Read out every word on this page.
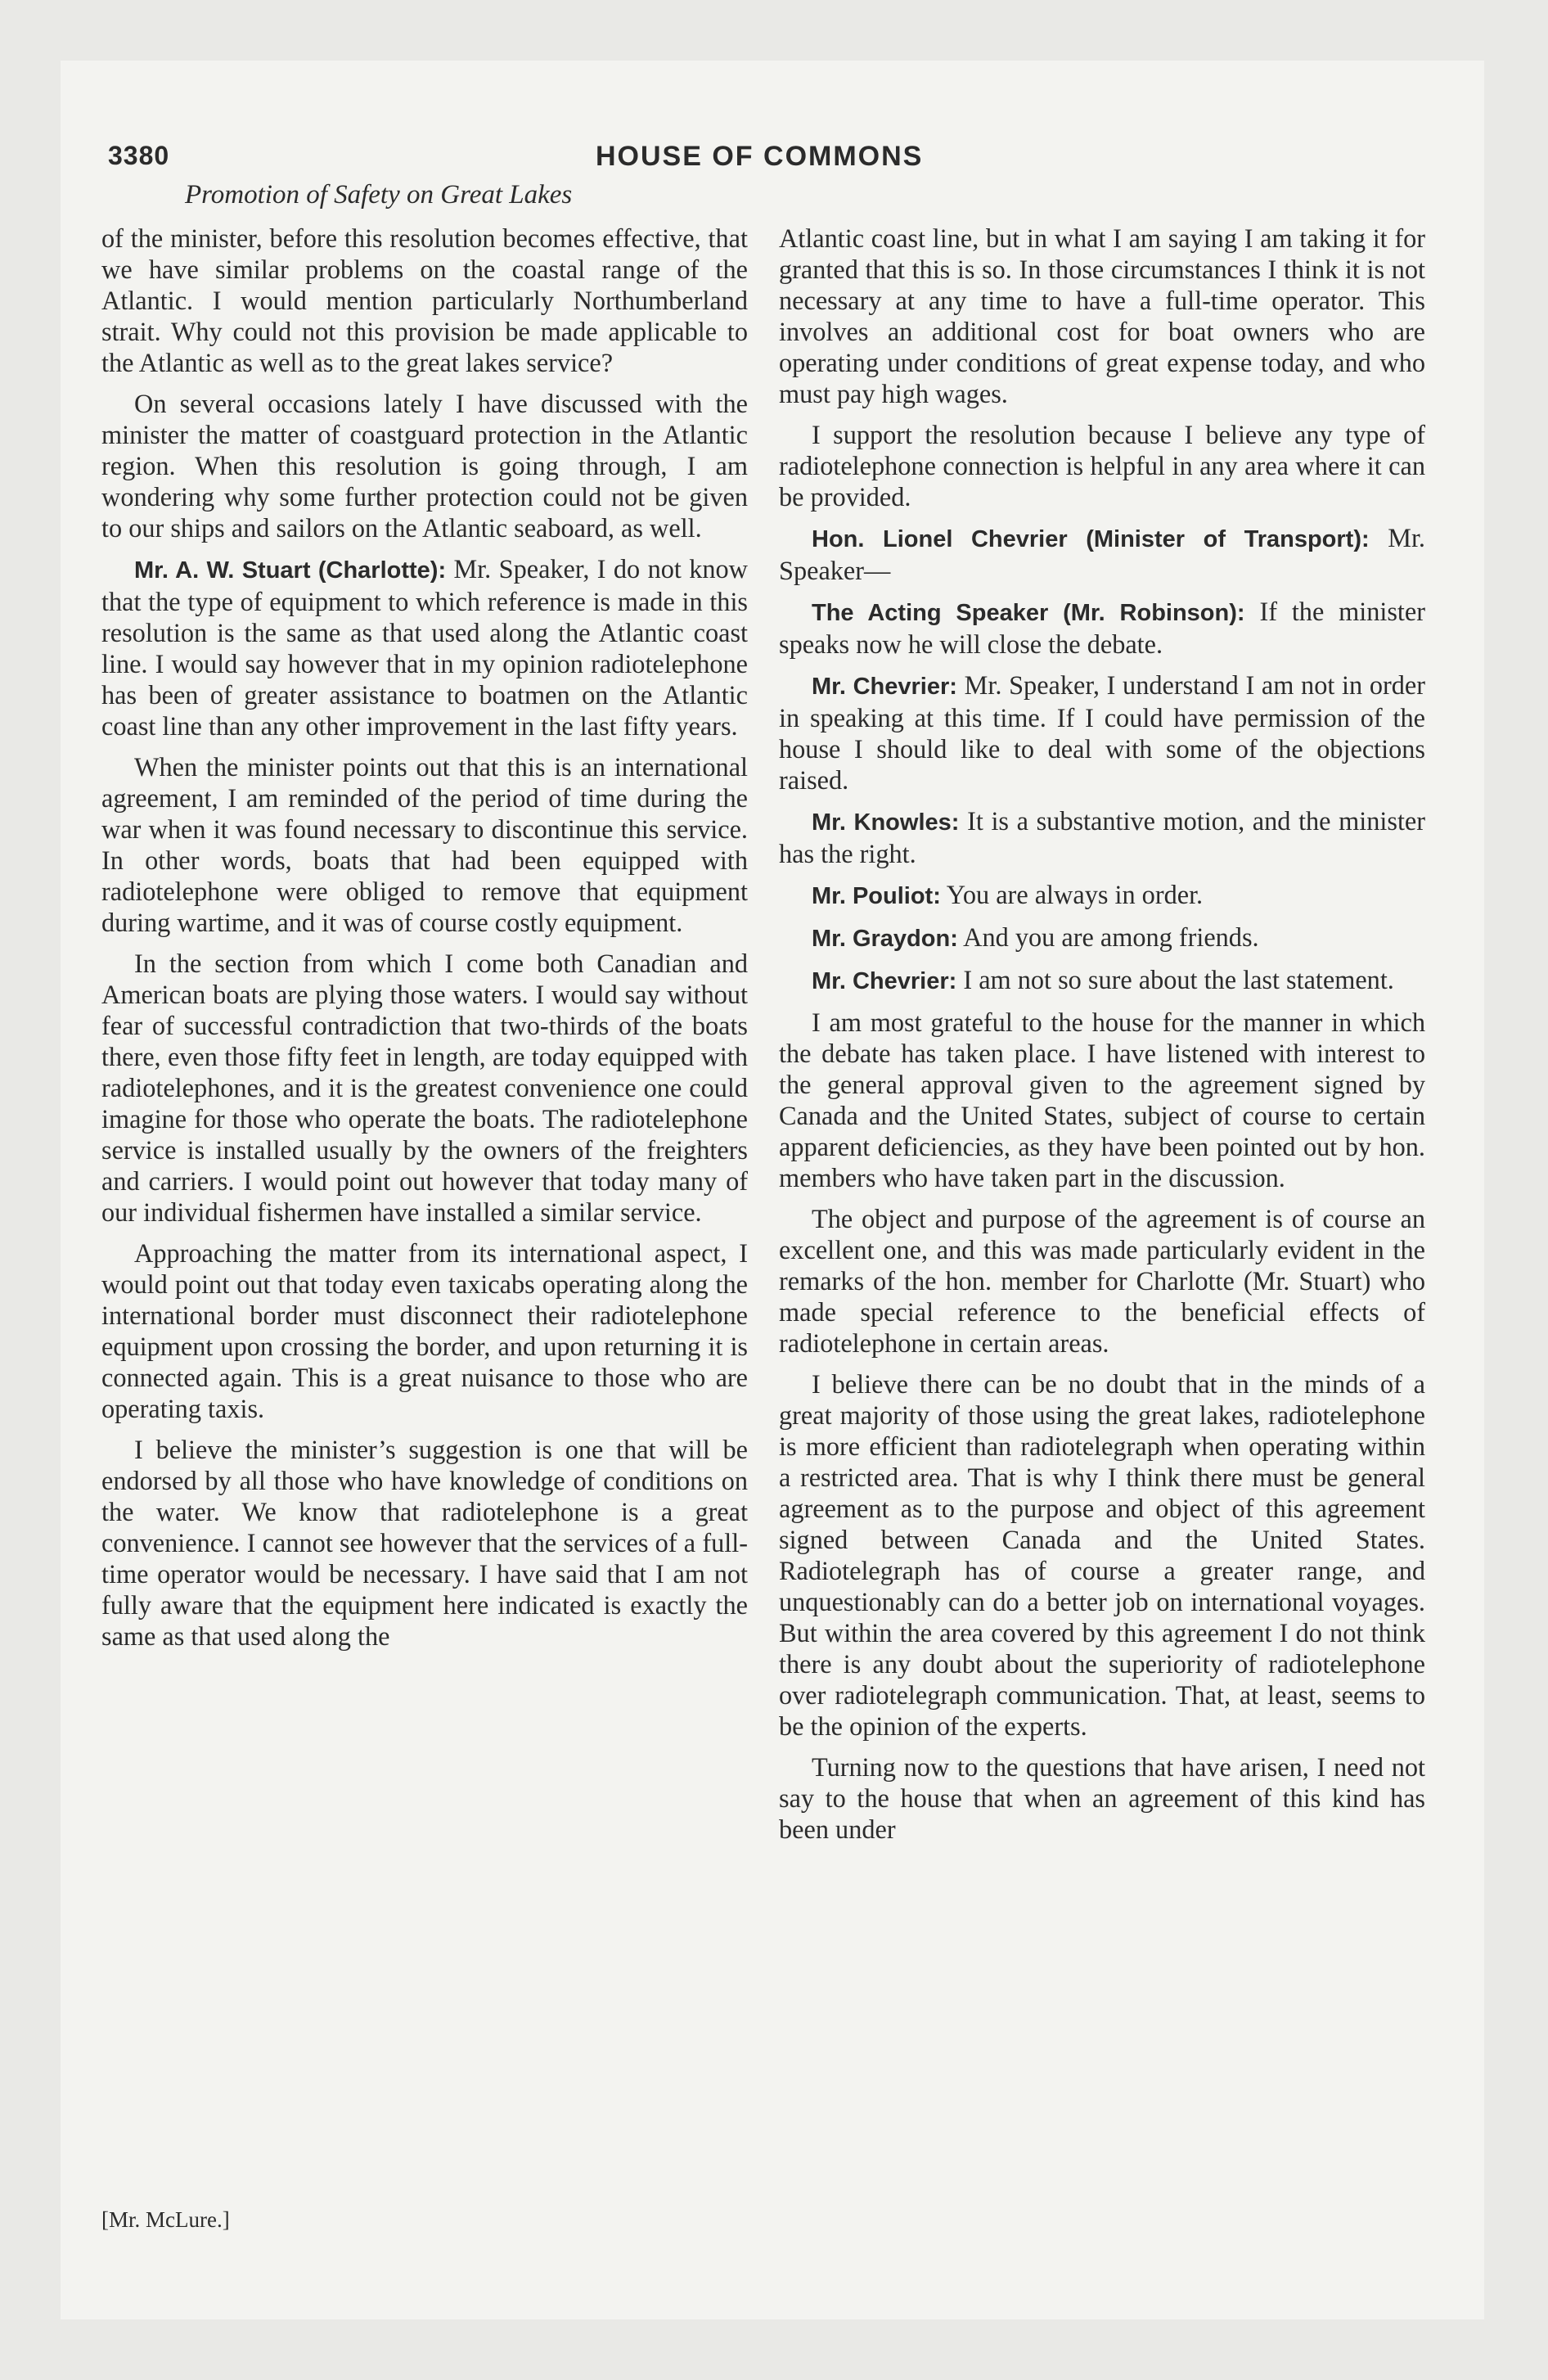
3380	HOUSE OF COMMONS
Promotion of Safety on Great Lakes

of the minister, before this resolution becomes effective, that we have similar problems on the coastal range of the Atlantic. I would mention particularly Northumberland strait. Why could not this provision be made applicable to the Atlantic as well as to the great lakes service?

On several occasions lately I have discussed with the minister the matter of coastguard protection in the Atlantic region. When this resolution is going through, I am wondering why some further protection could not be given to our ships and sailors on the Atlantic seaboard, as well.

Mr. A. W. Stuart (Charlotte): Mr. Speaker, I do not know that the type of equipment to which reference is made in this resolution is the same as that used along the Atlantic coast line. I would say however that in my opinion radiotelephone has been of greater assistance to boatmen on the Atlantic coast line than any other improvement in the last fifty years.

When the minister points out that this is an international agreement, I am reminded of the period of time during the war when it was found necessary to discontinue this service. In other words, boats that had been equipped with radiotelephone were obliged to remove that equipment during wartime, and it was of course costly equipment.

In the section from which I come both Canadian and American boats are plying those waters. I would say without fear of successful contradiction that two-thirds of the boats there, even those fifty feet in length, are today equipped with radiotelephones, and it is the greatest convenience one could imagine for those who operate the boats. The radiotelephone service is installed usually by the owners of the freighters and carriers. I would point out however that today many of our individual fishermen have installed a similar service.

Approaching the matter from its international aspect, I would point out that today even taxicabs operating along the international border must disconnect their radiotelephone equipment upon crossing the border, and upon returning it is connected again. This is a great nuisance to those who are operating taxis.

I believe the minister’s suggestion is one that will be endorsed by all those who have knowledge of conditions on the water. We know that radiotelephone is a great convenience. I cannot see however that the services of a full-time operator would be necessary. I have said that I am not fully aware that the equipment here indicated is exactly the same as that used along the

Atlantic coast line, but in what I am saying I am taking it for granted that this is so. In those circumstances I think it is not necessary at any time to have a full-time operator. This involves an additional cost for boat owners who are operating under conditions of great expense today, and who must pay high wages.

I support the resolution because I believe any type of radiotelephone connection is helpful in any area where it can be provided.

Hon. Lionel Chevrier (Minister of Transport): Mr. Speaker—

The Acting Speaker (Mr. Robinson): If the minister speaks now he will close the debate.

Mr. Chevrier: Mr. Speaker, I understand I am not in order in speaking at this time. If I could have permission of the house I should like to deal with some of the objections raised.

Mr. Knowles: It is a substantive motion, and the minister has the right.

Mr. Pouliot: You are always in order.

Mr. Graydon: And you are among friends.

Mr. Chevrier: I am not so sure about the last statement.

I am most grateful to the house for the manner in which the debate has taken place. I have listened with interest to the general approval given to the agreement signed by Canada and the United States, subject of course to certain apparent deficiencies, as they have been pointed out by hon. members who have taken part in the discussion.

The object and purpose of the agreement is of course an excellent one, and this was made particularly evident in the remarks of the hon. member for Charlotte (Mr. Stuart) who made special reference to the beneficial effects of radiotelephone in certain areas.

I believe there can be no doubt that in the minds of a great majority of those using the great lakes, radiotelephone is more efficient than radiotelegraph when operating within a restricted area. That is why I think there must be general agreement as to the purpose and object of this agreement signed between Canada and the United States. Radiotelegraph has of course a greater range, and unquestionably can do a better job on international voyages. But within the area covered by this agreement I do not think there is any doubt about the superiority of radiotelephone over radiotelegraph communication. That, at least, seems to be the opinion of the experts.

Turning now to the questions that have arisen, I need not say to the house that when an agreement of this kind has been under

[Mr. McLure.]
